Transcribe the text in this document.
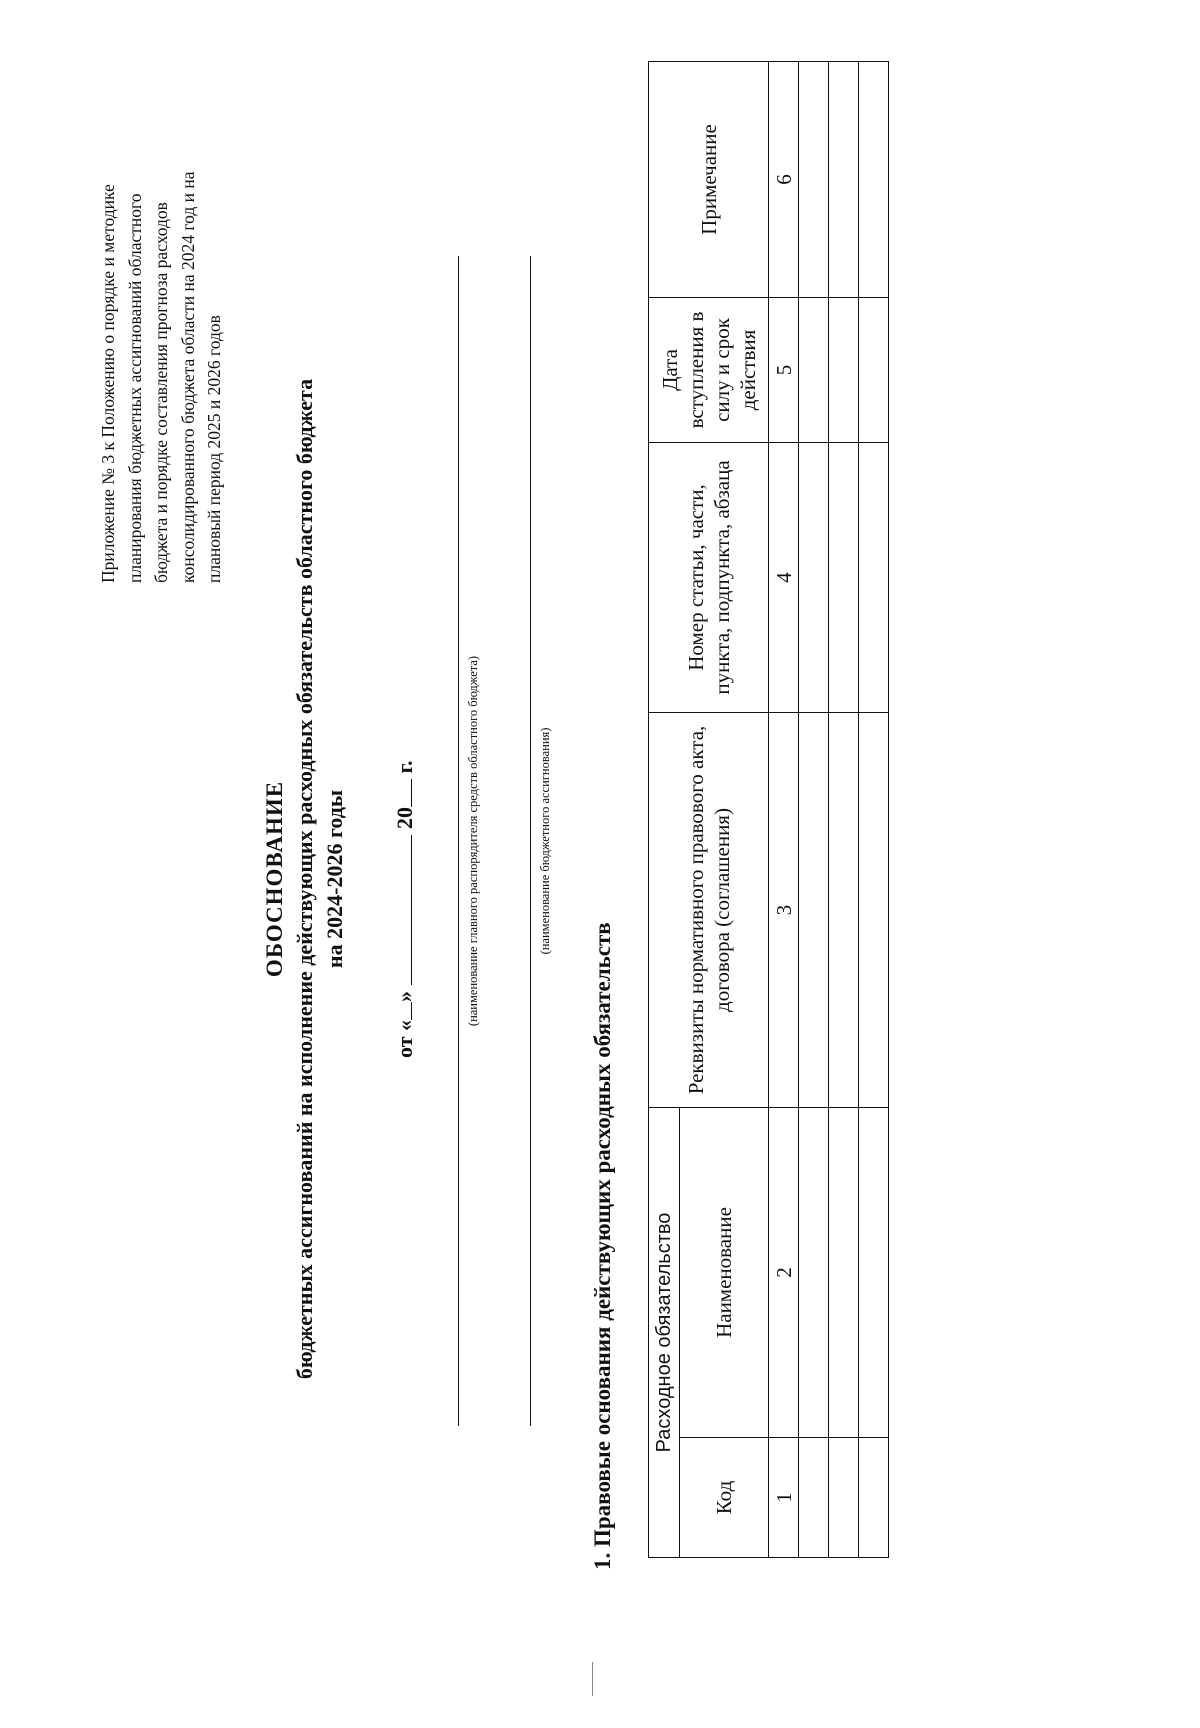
Приложение № 3 к Положению о порядке и методике планирования бюджетных ассигнований областного бюджета и порядке составления прогноза расходов консолидированного бюджета области на 2024 год и на плановый период 2025 и 2026 годов
ОБОСНОВАНИЕ бюджетных ассигнований на исполнение действующих расходных обязательств областного бюджета на 2024-2026 годы
от «»20 г.	(наименование главного распорядителя средств областного бюджета)	(наименование бюджетного ассигнования)
1. Правовые основания действующих расходных обязательств Расходное обязательство		Реквизиты нормативного правового акта, договора (соглашения)	Номер статьи, части, пункта, подпункта, абзаца	Дата вступления в силу и срок действия	Примечание
Код	Наименование				
1	2	3	4	5	6
